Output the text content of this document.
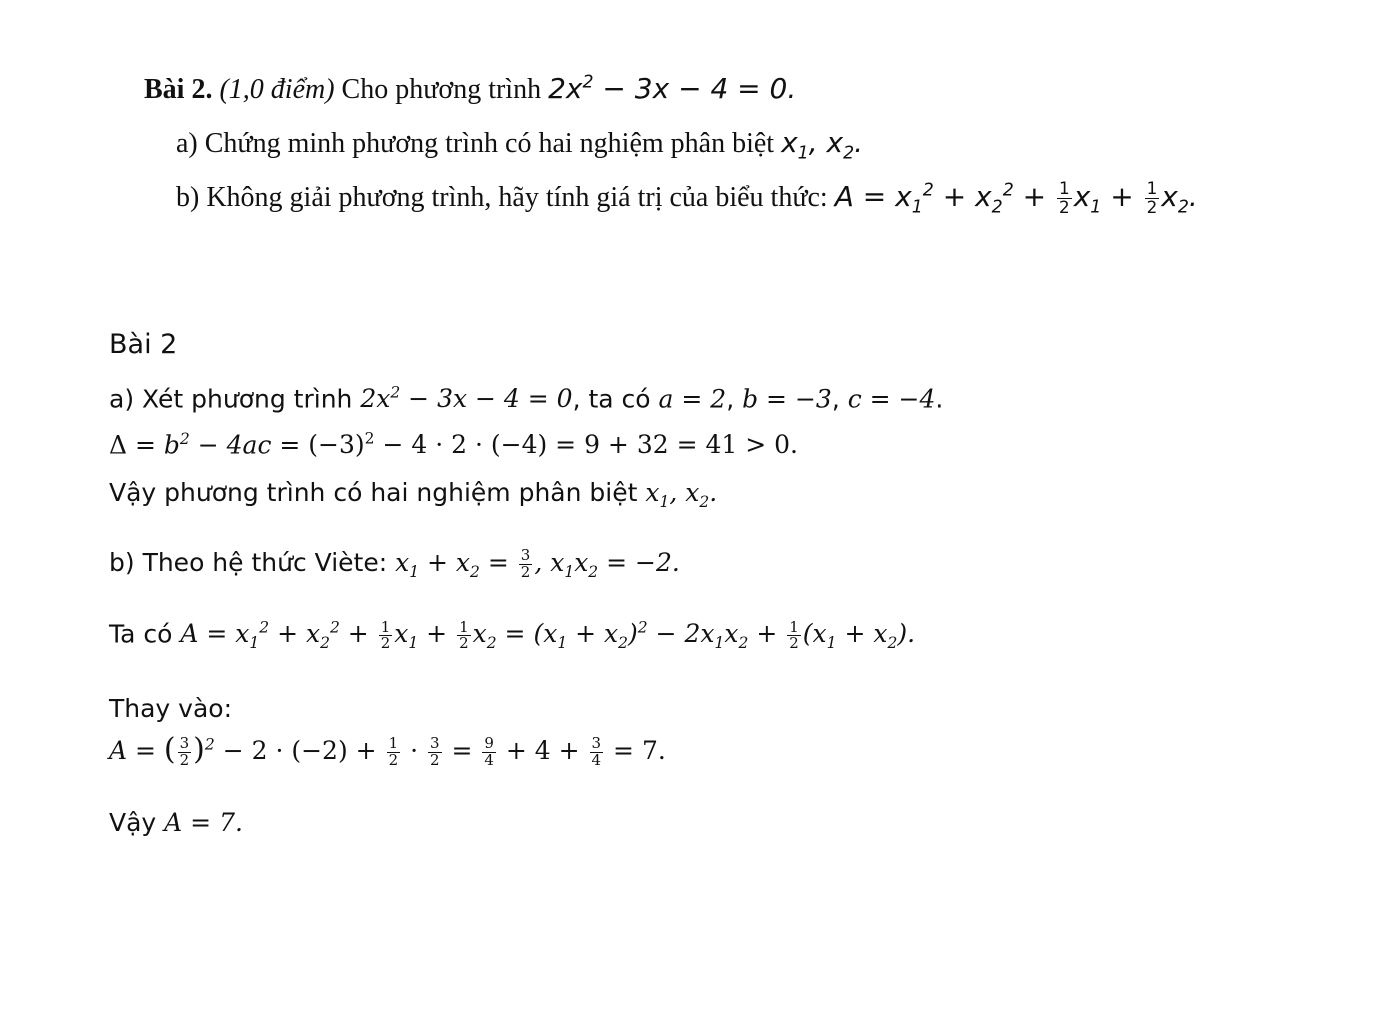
Bài 2. (1,0 điểm) Cho phương trình $2x^2 - 3x - 4 = 0$.
a) Chứng minh phương trình có hai nghiệm phân biệt $x_1$, $x_2$.
b) Không giải phương trình, hãy tính giá trị của biểu thức: $A = x_1^2 + x_2^2 + \frac{1}{2} x_1 + \frac{1}{2} x_2$.
Bài 2
a) Xét phương trình $2x^2 - 3x - 4 = 0$, ta có a = 2, b = −3, c = −4.
$\Delta = b^2 - 4ac = (-3)^2 - 4 \cdot 2 \cdot (-4) = 9 + 32 = 41 > 0$.
Vậy phương trình có hai nghiệm phân biệt $x_1$, $x_2$.
b) Theo hệ thức Viète: $x_1 + x_2 = \frac{3}{2}$ , $x_1x_2 = -2$.
Ta có $A = x_1^2 + x_2^2 + \frac{1}{2} x_1 + \frac{1}{2} x_2 = (x_1 + x_2)^2 - 2x_1x_2 + \frac{1}{2} (x_1 + x_2)$.
Thay vào:
A = ( $\frac{3}{2} )^2 - 2 \cdot (-2) + \frac{1}{2} \cdot \frac{3}{2} = \frac{9}{4} + 4 + \frac{3}{4} = 7$.
Vậy A = 7.
